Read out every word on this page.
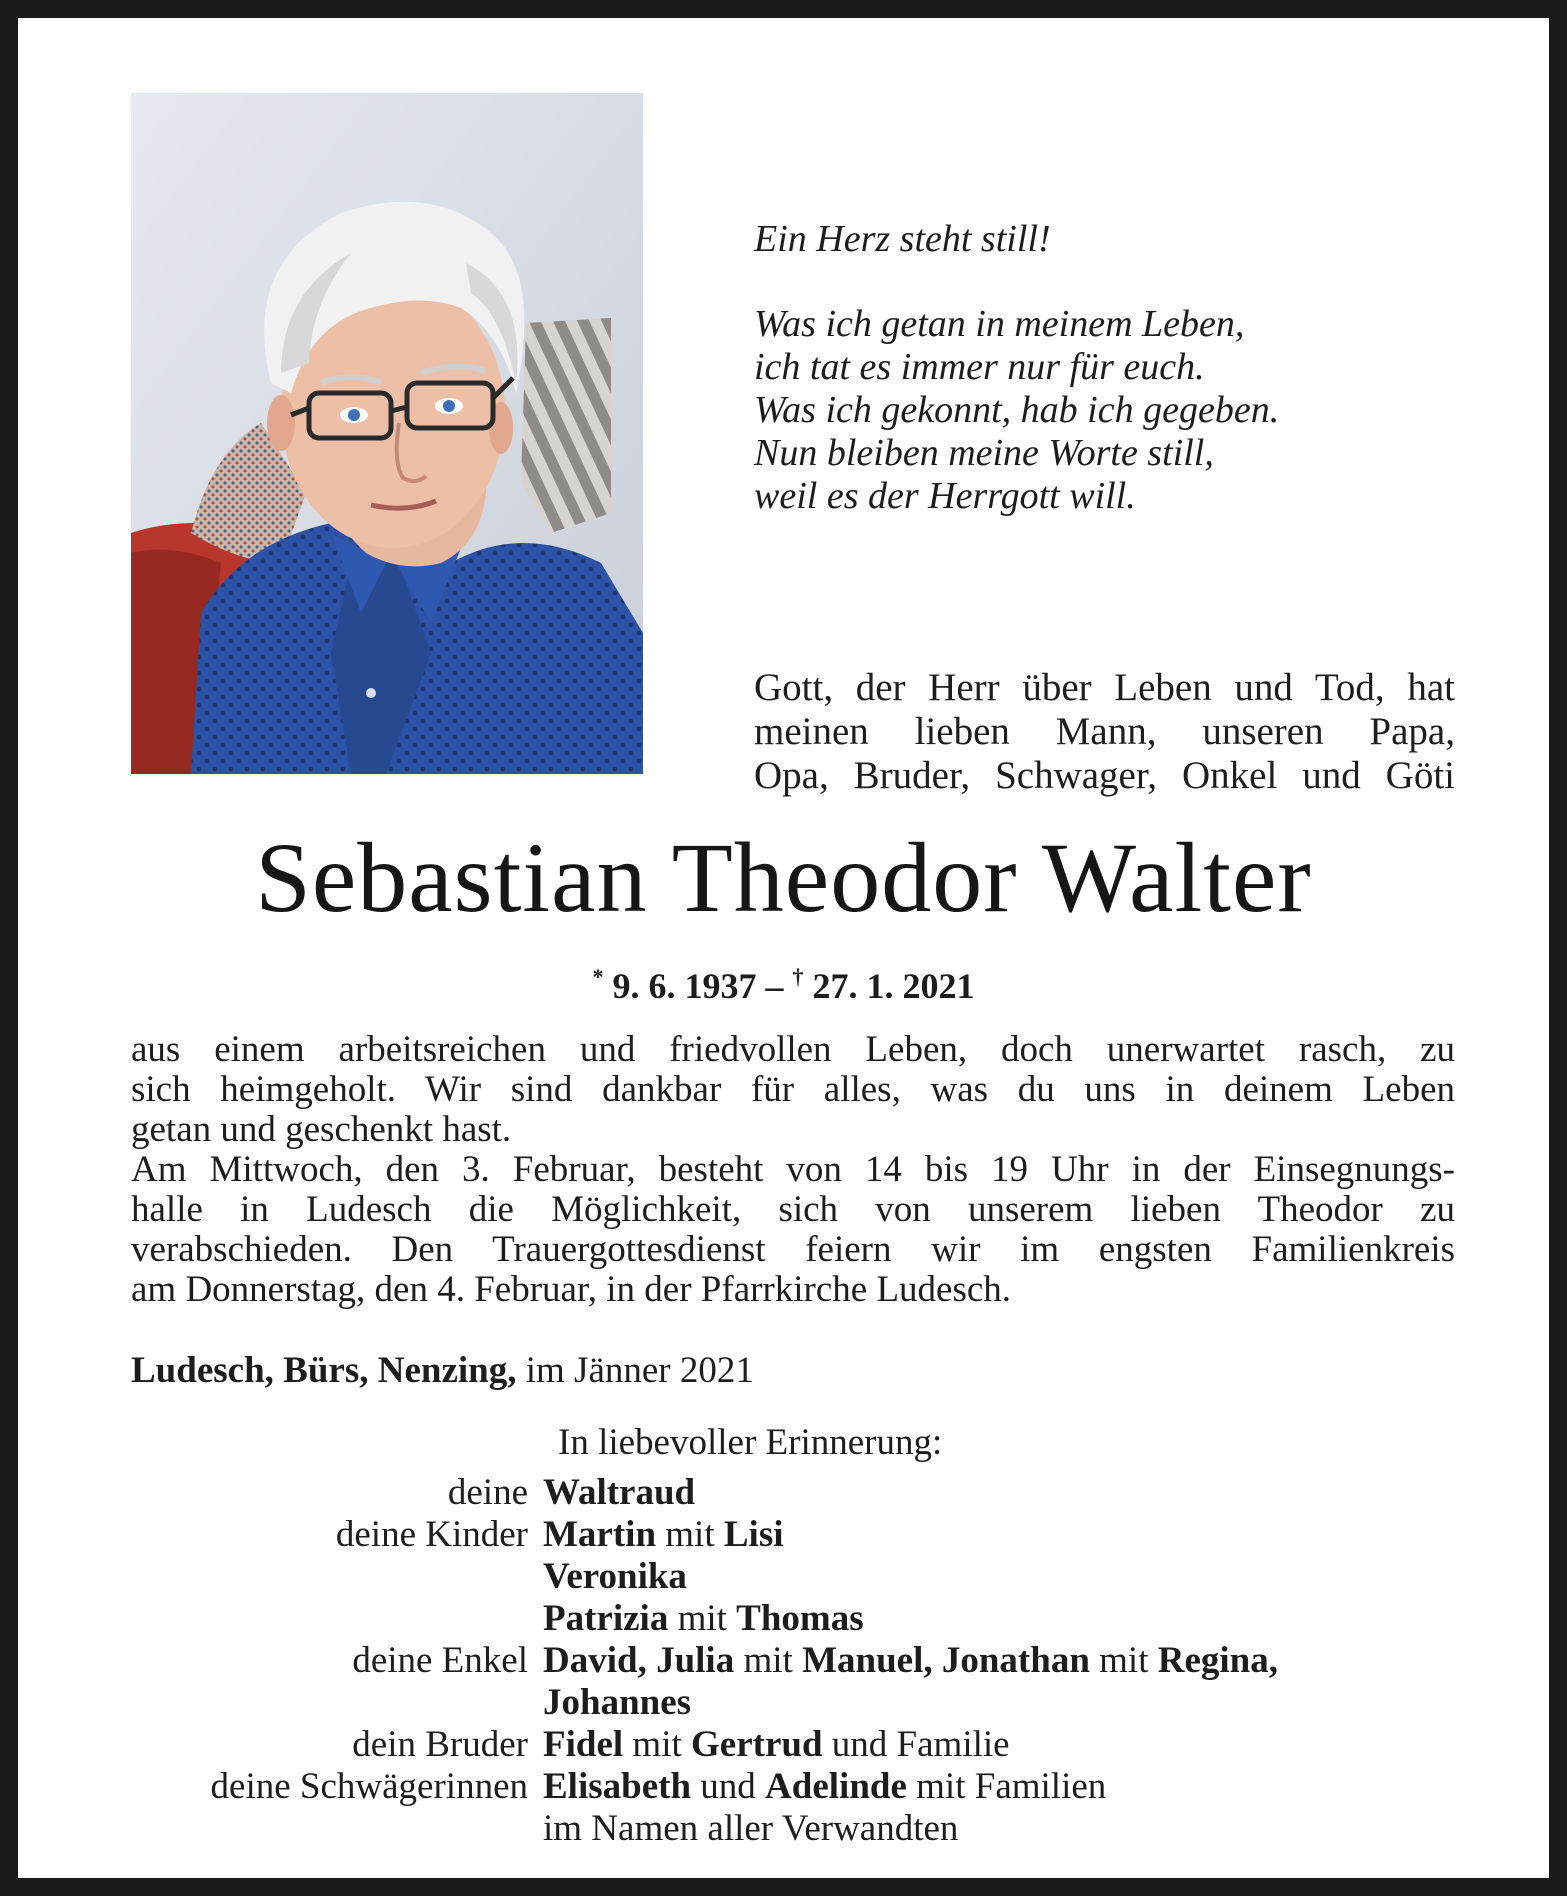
Ein Herz steht still!
Was ich getan in meinem Leben,
ich tat es immer nur für euch.
Was ich gekonnt, hab ich gegeben.
Nun bleiben meine Worte still,
weil es der Herrgott will.
Gott, der Herr über Leben und Tod, hat
meinen lieben Mann, unseren Papa,
Opa, Bruder, Schwager, Onkel und Göti
Sebastian Theodor Walter
* 9. 6. 1937 – † 27. 1. 2021
aus einem arbeitsreichen und friedvollen Leben, doch unerwartet rasch, zu
sich heimgeholt. Wir sind dankbar für alles, was du uns in deinem Leben
getan und geschenkt hast.
Am Mittwoch, den 3. Februar, besteht von 14 bis 19 Uhr in der Einsegnungs-
halle in Ludesch die Möglichkeit, sich von unserem lieben Theodor zu
verabschieden. Den Trauergottesdienst feiern wir im engsten Familienkreis
am Donnerstag, den 4. Februar, in der Pfarrkirche Ludesch.
Ludesch, Bürs, Nenzing, im Jänner 2021
In liebevoller Erinnerung:
deine Waltraud
deine Kinder Martin mit Lisi
Veronika
Patrizia mit Thomas
deine Enkel David, Julia mit Manuel, Jonathan mit Regina,
Johannes
dein Bruder Fidel mit Gertrud und Familie
deine Schwägerinnen Elisabeth und Adelinde mit Familien
im Namen aller Verwandten
